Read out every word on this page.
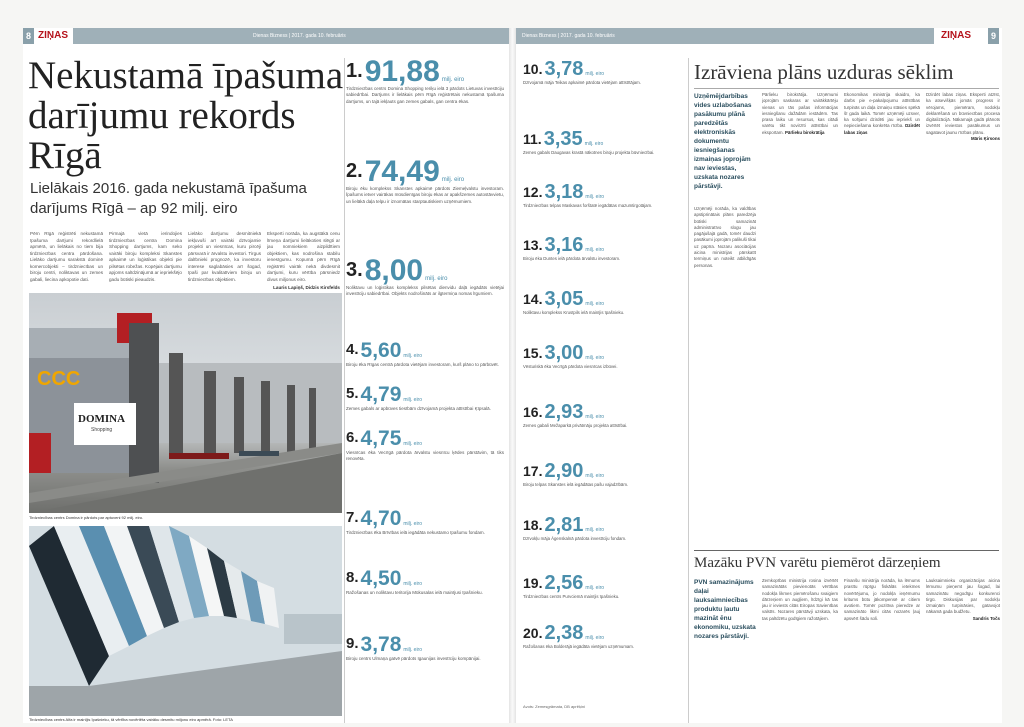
8 ZIŅAS	Dienas Bizness | 2017. gada 10. februāris
Nekustamā īpašuma darījumu rekords Rīgā
Lielākais 2016. gada nekustamā īpašuma darījums Rīgā – ap 92 milj. eiro
Pērn Rīgā reģistrēti nekustamā īpašuma darījumi rekordlielā apmērā, un lielākais no tiem bija tirdzniecības centra pārdošana. Lielāko darījumu sarakstā dominē komercobjekti – tirdzniecības un biroju centri, noliktavas un zemes gabali, liecina apkopotie dati.
Pirmajā vietā ierindojies tirdzniecības centra Domina Shopping darījums, kam seko vairāki biroju kompleksi Skanstes apkaimē un loģistikas objekti pie pilsētas robežas. Kopējais darījumu apjoms salīdzinājumā ar iepriekšējo gadu būtiski pieaudzis.
Lielāko darījumu desmitniekā iekļuvuši arī vairāki dzīvojamie projekti un viesnīcas, kuru pircēji pārsvarā ir ārvalstu investori. Tirgus dalībnieki prognozē, ka investoru interese saglabāsies arī šogad, īpaši par kvalitatīviem biroju un tirdzniecības objektiem.
Eksperti norāda, ka augstākā cenu līmeņa darījumi lielākoties slēgti ar jau nomniekiem aizpildītiem objektiem, kas nodrošina stabilu ienesīgumu. Kopumā pērn Rīgā reģistrēti vairāk nekā divdesmit darījumi, kuru vērtība pārsniedz divus miljonus eiro.
Lauris Lapiņš, Didzis Kirsfelds
CCC
DOMINA
Shopping
Tirdzniecības centrs Domina ir pārdots par aptuveni 92 milj. eiro.
Tirdzniecības centrs Alfa ir mainījis īpašnieku, tā vērtība novērtēta vairāku desmitu miljonu eiro apmērā. Foto: LETA
1. 91,88 milj. eiro
Tirdzniecības centrs Domina Shopping Ieriķu ielā 3 pārdots Lietuvas investīciju sabiedrībai. Darījums ir lielākais pērn Rīgā reģistrētais nekustamā īpašuma darījums, un tajā iekļauts gan zemes gabals, gan centra ēkas.
2. 74,49 milj. eiro
Biroju ēku komplekss Skanstes apkaimē pārdots Ziemeļvalstu investoram. Īpašums ietver vairākas mūsdienīgas biroju ēkas ar apakšzemes autostāvvietu, un lielākā daļa telpu ir iznomātas starptautiskiem uzņēmumiem.
3. 8,00 milj. eiro
Noliktavu un loģistikas komplekss pilsētas dienvidu daļā iegādāts vietējai investīciju sabiedrībai. Objekts nodrošināts ar ilgtermiņa nomas līgumiem.
4. 5,60 milj. eiro
Biroju ēka Rīgas centrā pārdota vietējam investoram, kurš plāno to pārbūvēt.
5. 4,79 milj. eiro
Zemes gabals ar apbūves tiesībām dzīvojamā projekta attīstībai Ķīpsalā.
6. 4,75 milj. eiro
Viesnīcas ēka Vecrīgā pārdota ārvalstu viesnīcu ķēdes pārstāvim, tā tiks renovēta.
7. 4,70 milj. eiro
Tirdzniecības ēka Brīvības ielā iegādāta nekustamo īpašumu fondam.
8. 4,50 milj. eiro
Ražošanas un noliktavu teritorija Mūkusalas ielā mainījusi īpašnieku.
9. 3,78 milj. eiro
Biroju centrs Ulmaņa gatvē pārdots Igaunijas investīciju kompānijai.
Dienas Bizness | 2017. gada 10. februāris	ZIŅAS	9
10. 3,78 milj. eiro
Dzīvojamā māja Teikas apkaimē pārdota vietējam attīstītājam.
11. 3,35 milj. eiro
Zemes gabals Daugavas krastā nākotnes biroju projekta būvniecībai.
12. 3,18 milj. eiro
Tirdzniecības telpas Maskavas forštatē iegādātas mazumtirgotājam.
13. 3,16 milj. eiro
Biroju ēka Duntes ielā pārdota ārvalstu investoram.
14. 3,05 milj. eiro
Noliktavu komplekss Krustpils ielā mainījis īpašnieku.
15. 3,00 milj. eiro
Vēsturiskā ēka Vecrīgā pārdota viesnīcas izbūvei.
16. 2,93 milj. eiro
Zemes gabali Mežaparkā privātmāju projekta attīstībai.
17. 2,90 milj. eiro
Biroju telpas Skanstes ielā iegādātas pašu vajadzībām.
18. 2,81 milj. eiro
Dzīvokļu māja Āgenskalnā pārdota investīciju fondam.
19. 2,56 milj. eiro
Tirdzniecības centrs Purvciemā mainījis īpašnieku.
20. 2,38 milj. eiro
Ražošanas ēka Bolderājā iegādāta vietējam uzņēmumam.
Avots: Zemesgrāmata, DB aprēķini
Izrāviena plāns uzduras sēklim
Uzņēmējdarbības vides uzlabošanas pasākumu plānā paredzētās elektroniskās dokumentu iesniegšanas izmaiņas joprojām nav ieviestas, uzskata nozares pārstāvji.
Uzņēmēji norāda, ka valdības apstiprinātais plāns paredzēja būtiski samazināt administratīvo slogu jau pagājušajā gadā, tomēr daudzi pasākumi joprojām palikuši tikai uz papīra. Nozaru asociācijas aicina ministrijas pārskatīt termiņus un noteikt atbildīgās personas.
Pārlieku birokrātija. Uzņēmumi joprojām saskaras ar vairākkārtēju vienas un tās pašas informācijas iesniegšanu dažādām iestādēm. Tas prasa laiku un resursus, kas citādi varētu tikt novirzīti attīstībai un eksportam. Pārlieku birokrātija
Ekonomikas ministrija skaidro, ka darbs pie e-pakalpojumu attīstības turpinās un daļa izmaiņu stāsies spēkā šī gada laikā. Tomēr uzņēmēji uzsver, ka solījumi dzirdēti jau iepriekš un nepieciešama konkrēta rīcība. Dzirdēt labas ziņas
Dzirdēt labas ziņas. Eksperti atzīst, ka atsevišķās jomās progress ir vērojams, piemēram, nodokļu deklarēšanā un būvniecības procesa digitalizācijā. Nākamajā gadā plānots izvērtēt ieviestos pasākumus un sagatavot jaunu rīcības plānu.
Māris Ķirsons
Mazāku PVN varētu piemērot dārzeņiem
PVN samazinājums daļai lauksaimniecības produktu ļautu mazināt ēnu ekonomiku, uzskata nozares pārstāvji.
Zemkopības ministrija rosina izvērtēt samazinātās pievienotās vērtības nodokļa likmes piemērošanu svaigiem dārzeņiem un augļiem, līdzīgi kā tas jau ir ieviests citās Eiropas Savienības valstīs. Nozares pārstāvji uzskata, ka tas palīdzētu godīgiem ražotājiem.
Finanšu ministrija norāda, ka lēmums prasītu rūpīgu fiskālās ietekmes novērtējumu, jo nodokļa ieņēmumu kritums būtu jākompensē ar citiem avotiem. Tomēr pozitīva pieredze ar samazināto likmi citās nozarēs ļauj apsvērt šādu soli.
Lauksaimnieku organizācijas aicina lēmumu pieņemt jau šogad, lai samazinātu negodīgu konkurenci tirgū. Diskusijas par nodokļu izmaiņām turpināsies, gatavojot nākamā gada budžetu.
Sandris Točs
